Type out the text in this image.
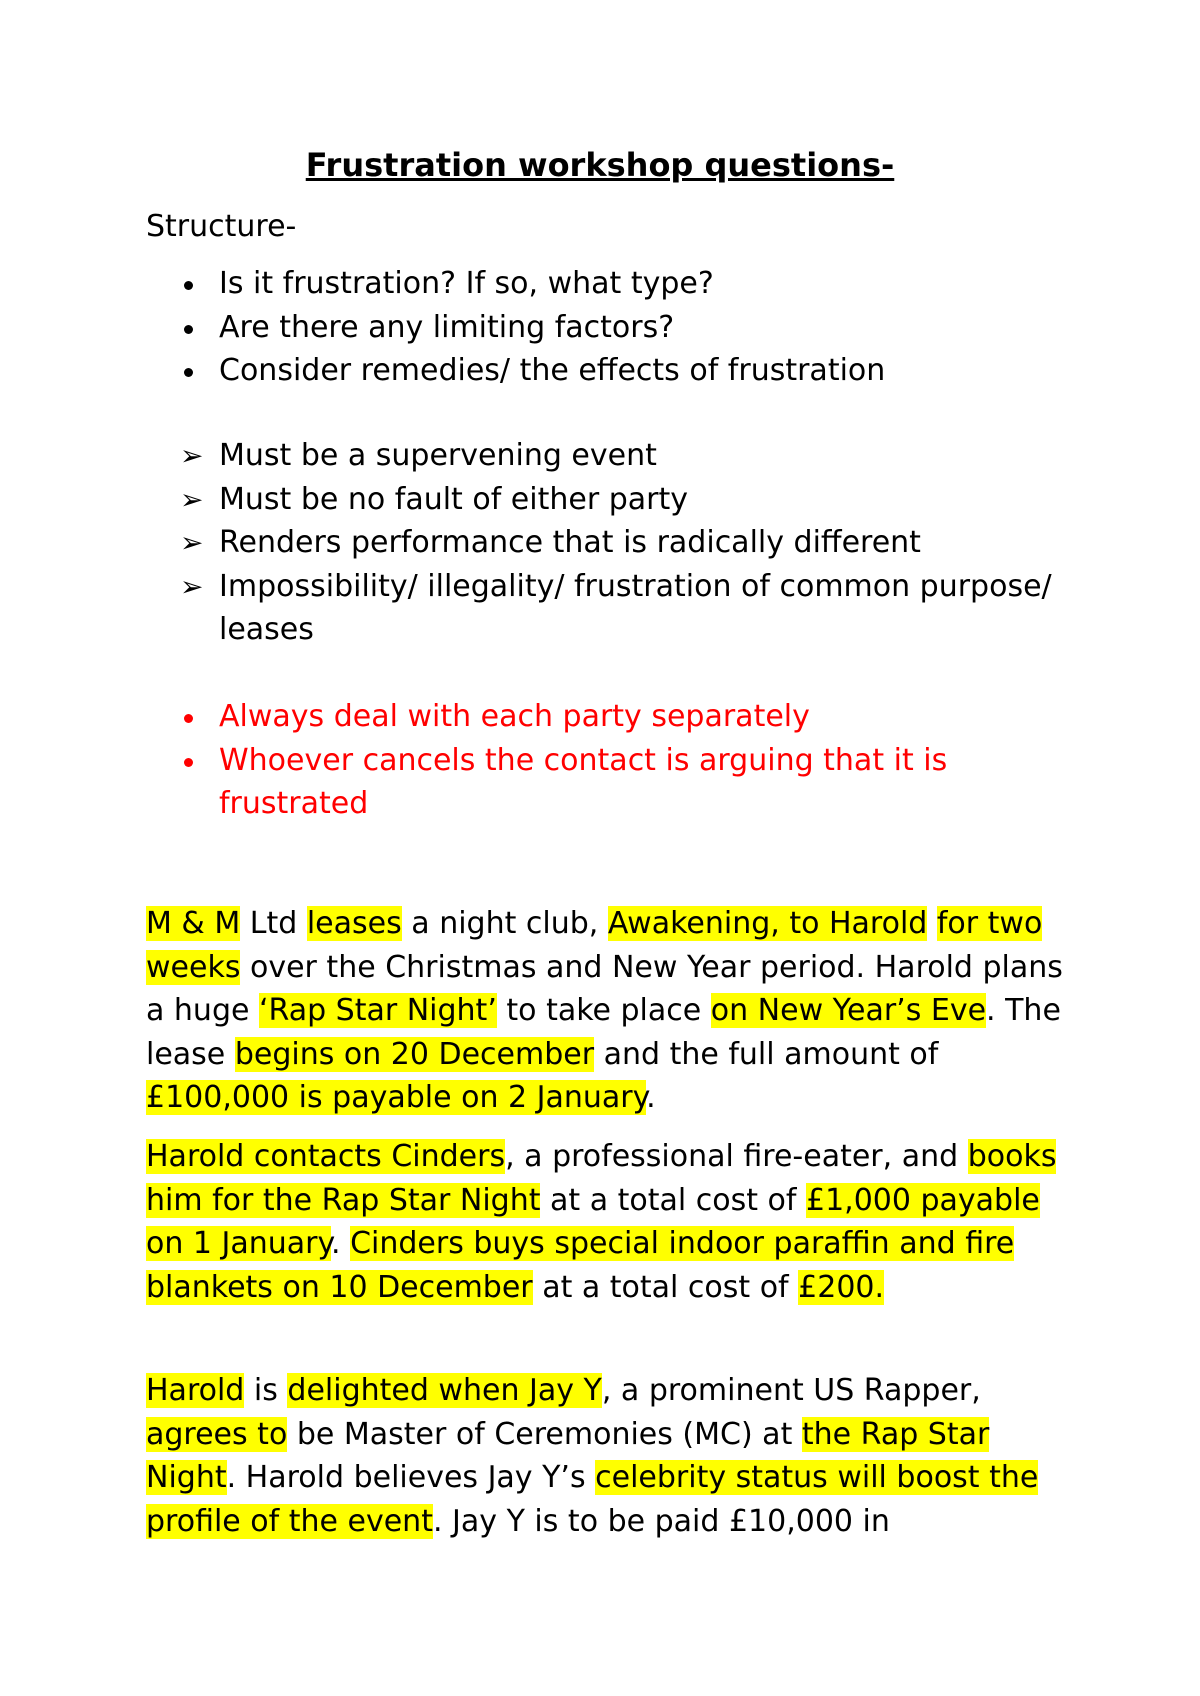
Frustration workshop questions-
Structure-
Is it frustration? If so, what type?
Are there any limiting factors?
Consider remedies/ the effects of frustration
➢ Must be a supervening event
➢ Must be no fault of either party
➢ Renders performance that is radically different
➢ Impossibility/ illegality/ frustration of common purpose/ leases
Always deal with each party separately
Whoever cancels the contact is arguing that it is frustrated

M & M Ltd leases a night club, Awakening, to Harold for two weeks over the Christmas and New Year period. Harold plans a huge ‘Rap Star Night’ to take place on New Year’s Eve. The lease begins on 20 December and the full amount of £100,000 is payable on 2 January.

Harold contacts Cinders, a professional fire-eater, and books him for the Rap Star Night at a total cost of £1,000 payable on 1 January. Cinders buys special indoor paraffin and fire blankets on 10 December at a total cost of £200.

Harold is delighted when Jay Y, a prominent US Rapper, agrees to be Master of Ceremonies (MC) at the Rap Star Night. Harold believes Jay Y’s celebrity status will boost the profile of the event. Jay Y is to be paid £10,000 in
